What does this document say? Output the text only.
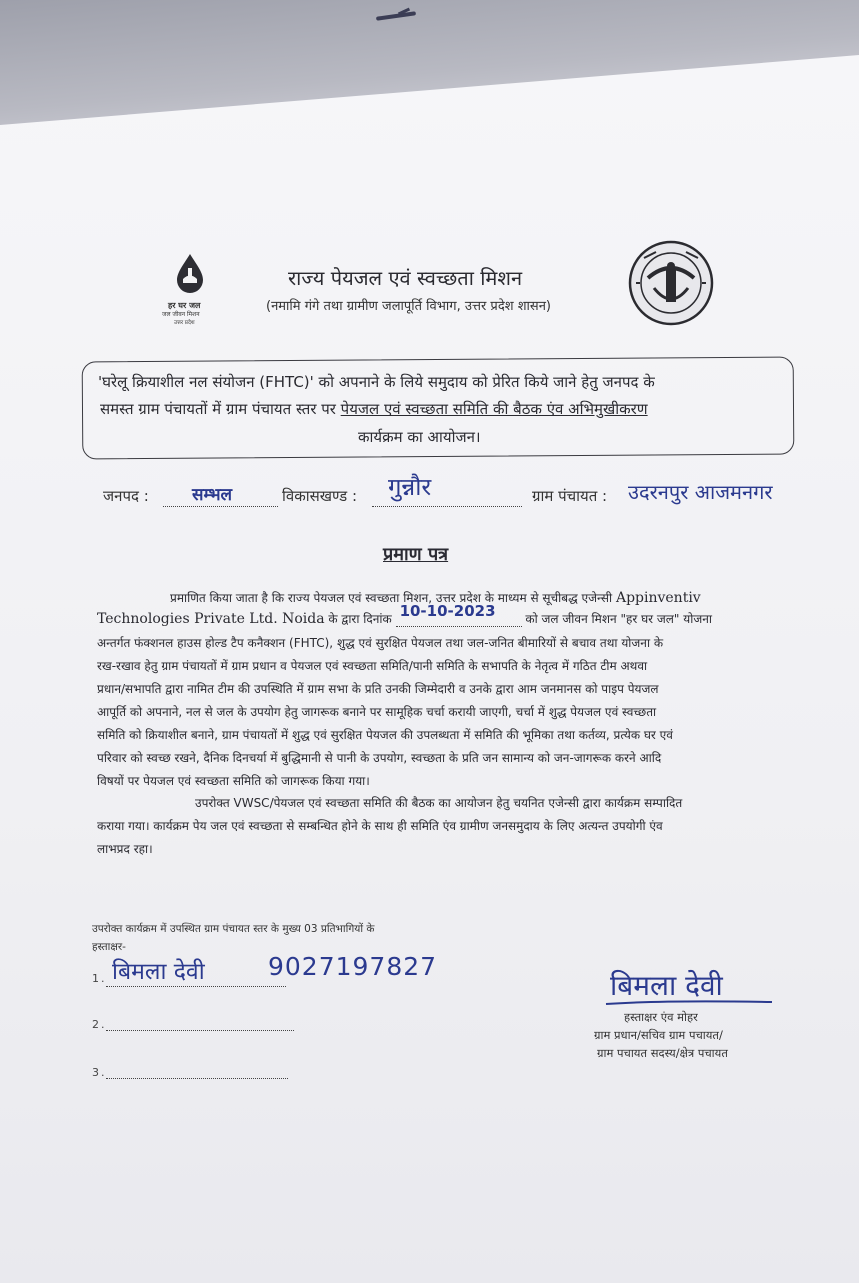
हर घर जल
जल जीवन मिशन
उत्तर प्रदेश
राज्य पेयजल एवं स्वच्छता मिशन
(नमामि गंगे तथा ग्रामीण जलापूर्ति विभाग, उत्तर प्रदेश शासन)
'घरेलू क्रियाशील नल संयोजन (FHTC)' को अपनाने के लिये समुदाय को प्रेरित किये जाने हेतु जनपद के
समस्त ग्राम पंचायतों में ग्राम पंचायत स्तर पर पेयजल एवं स्वच्छता समिति की बैठक एंव अभिमुखीकरण
कार्यक्रम का आयोजन।
जनपद :	सम्भल	विकासखण्ड : गुन्नौर	ग्राम पंचायत : उदरनपुर आजमनगर
प्रमाण पत्र
प्रमाणित किया जाता है कि राज्य पेयजल एवं स्वच्छता मिशन, उत्तर प्रदेश के माध्यम से सूचीबद्ध एजेन्सी Appinventiv
Technologies Private Ltd. Noida के द्वारा दिनांक 10-10-2023 को जल जीवन मिशन "हर घर जल" योजना
अन्तर्गत फंक्शनल हाउस होल्ड टैप कनैक्शन (FHTC), शुद्ध एवं सुरक्षित पेयजल तथा जल-जनित बीमारियों से बचाव तथा योजना के
रख-रखाव हेतु ग्राम पंचायतों में ग्राम प्रधान व पेयजल एवं स्वच्छता समिति/पानी समिति के सभापति के नेतृत्व में गठित टीम अथवा
प्रधान/सभापति द्वारा नामित टीम की उपस्थिति में ग्राम सभा के प्रति उनकी जिम्मेदारी व उनके द्वारा आम जनमानस को पाइप पेयजल
आपूर्ति को अपनाने, नल से जल के उपयोग हेतु जागरूक बनाने पर सामूहिक चर्चा करायी जाएगी, चर्चा में शुद्ध पेयजल एवं स्वच्छता
समिति को क्रियाशील बनाने, ग्राम पंचायतों में शुद्ध एवं सुरक्षित पेयजल की उपलब्धता में समिति की भूमिका तथा कर्तव्य, प्रत्येक घर एवं
परिवार को स्वच्छ रखने, दैनिक दिनचर्या में बुद्धिमानी से पानी के उपयोग, स्वच्छता के प्रति जन सामान्य को जन-जागरूक करने आदि
विषयों पर पेयजल एवं स्वच्छता समिति को जागरूक किया गया।
उपरोक्त VWSC/पेयजल एवं स्वच्छता समिति की बैठक का आयोजन हेतु चयनित एजेन्सी द्वारा कार्यक्रम सम्पादित
कराया गया। कार्यक्रम पेय जल एवं स्वच्छता से सम्बन्धित होने के साथ ही समिति एंव ग्रामीण जनसमुदाय के लिए अत्यन्त उपयोगी एंव
लाभप्रद रहा।
उपरोक्त कार्यक्रम में उपस्थित ग्राम पंचायत स्तर के मुख्य 03 प्रतिभागियों के
हस्ताक्षर-
1. बिमला देवी	9027197827
2.
3.
बिमला देवी
हस्ताक्षर एंव मोहर
ग्राम प्रधान/सचिव ग्राम पचायत/
ग्राम पचायत सदस्य/क्षेत्र पचायत
